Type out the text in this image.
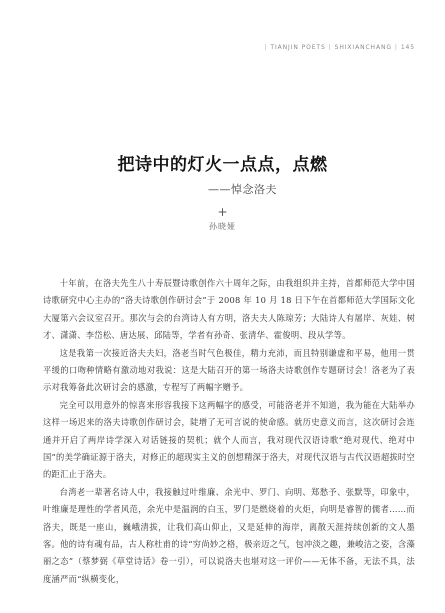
| TIANJIN POETS | SHIXIANCHANG | 145
把诗中的灯火一点点，点燃
——悼念洛夫
+
孙晓娅

十年前，在洛夫先生八十寿辰暨诗歌创作六十周年之际，由我组织并主持，首都师范大学中国诗歌研究中心主办的“洛夫诗歌创作研讨会”于 2008 年 10 月 18 日下午在首都师范大学国际文化大厦第六会议室召开。那次与会的台湾诗人有方明，洛夫夫人陈琼芳；大陆诗人有屠岸、灰娃、树才、潇潇、李岱松、唐达展、邱陆等，学者有孙奇、张清华、霍俊明、段从学等。

这是我第一次接近洛夫夫妇，洛老当时气色极佳，精力充沛，而且特别谦虚和平易，他用一贯平缓的口吻种情略有激动地对我说：这是大陆召开的第一场洛夫诗歌创作专题研讨会！洛老为了表示对我筹备此次研讨会的感激，专程写了两幅字赠予。

完全可以用意外的惊喜来形容我接下这两幅字的感受，可能洛老并不知道，我为能在大陆举办这样一场迟来的洛夫诗歌创作研讨会，陡增了无可言说的使命感。就历史意义而言，这次研讨会连通并开启了两岸诗学深入对话链接的契机；就个人而言，我对现代汉语诗歌“绝对现代、绝对中国”的美学确证源于洛夫，对修正的超现实主义的创想精深于洛夫，对现代汉语与古代汉语超拔时空的距汇止于洛夫。

台湾老一辈著名诗人中，我接触过叶维廉、余光中、罗门、向明、郑愁予、张默等，印象中，叶维廉是理性的学者风范，余光中是温润的白玉，罗门是燃烧着的火炬，向明是睿智的儒者……而洛夫，既是一座山，巍峨清拔，让我们高山仰止，又是延伸的海岸，离散天涯持续创新的文人墨客。他的诗有魂有品，古人称杜甫的诗“穷尚妙之格，极亲迈之气，包冲淡之趣，兼峻洁之姿，含藻丽之态”（蔡梦弼《草堂诗话》卷一引），可以说洛夫也堪对这一评价——无体不备，无法不具，法度涵严而“纵横变化，
